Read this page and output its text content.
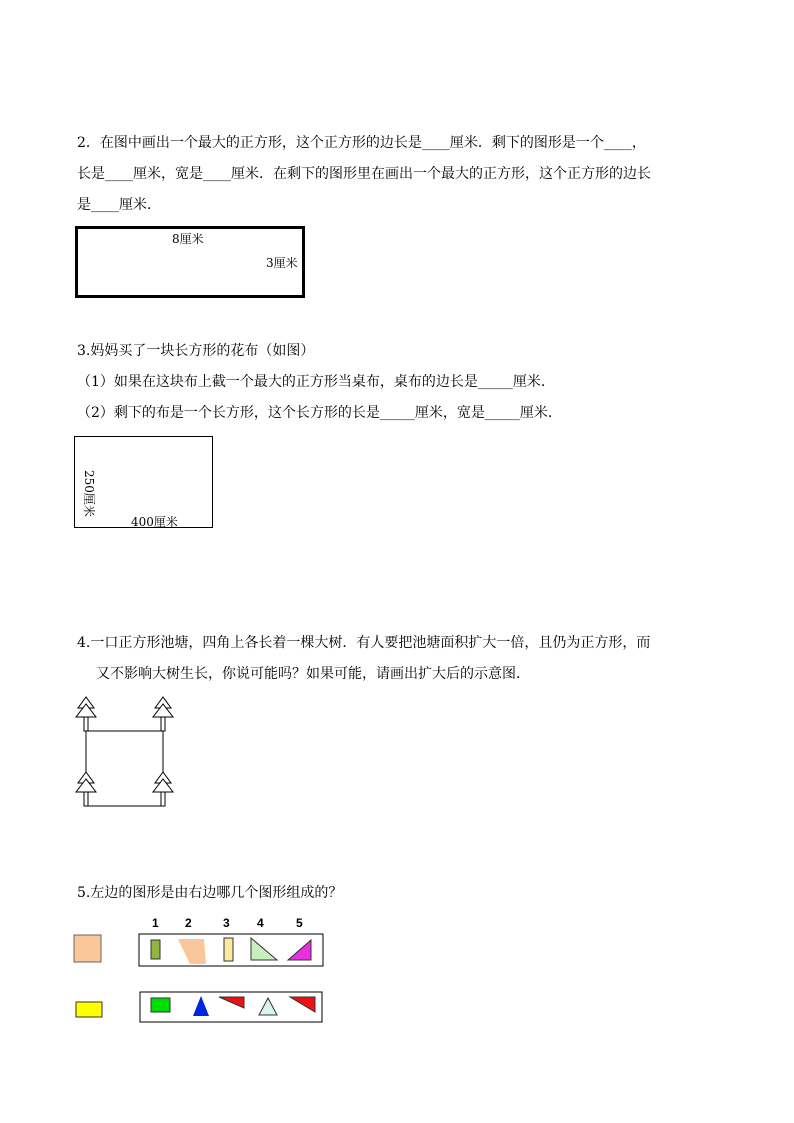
2．在图中画出一个最大的正方形，这个正方形的边长是____厘米．剩下的图形是一个____，
长是____厘米，宽是____厘米．在剩下的图形里在画出一个最大的正方形，这个正方形的边长
是____厘米．
8厘米
3厘米
3.妈妈买了一块长方形的花布（如图）
（1）如果在这块布上截一个最大的正方形当桌布，桌布的边长是_____厘米．
（2）剩下的布是一个长方形，这个长方形的长是_____厘米，宽是_____厘米．
250厘米
400厘米
4.一口正方形池塘，四角上各长着一棵大树．有人要把池塘面积扩大一倍，且仍为正方形，而
又不影响大树生长，你说可能吗？如果可能，请画出扩大后的示意图．
5.左边的图形是由右边哪几个图形组成的？
1 2	3 4	5
